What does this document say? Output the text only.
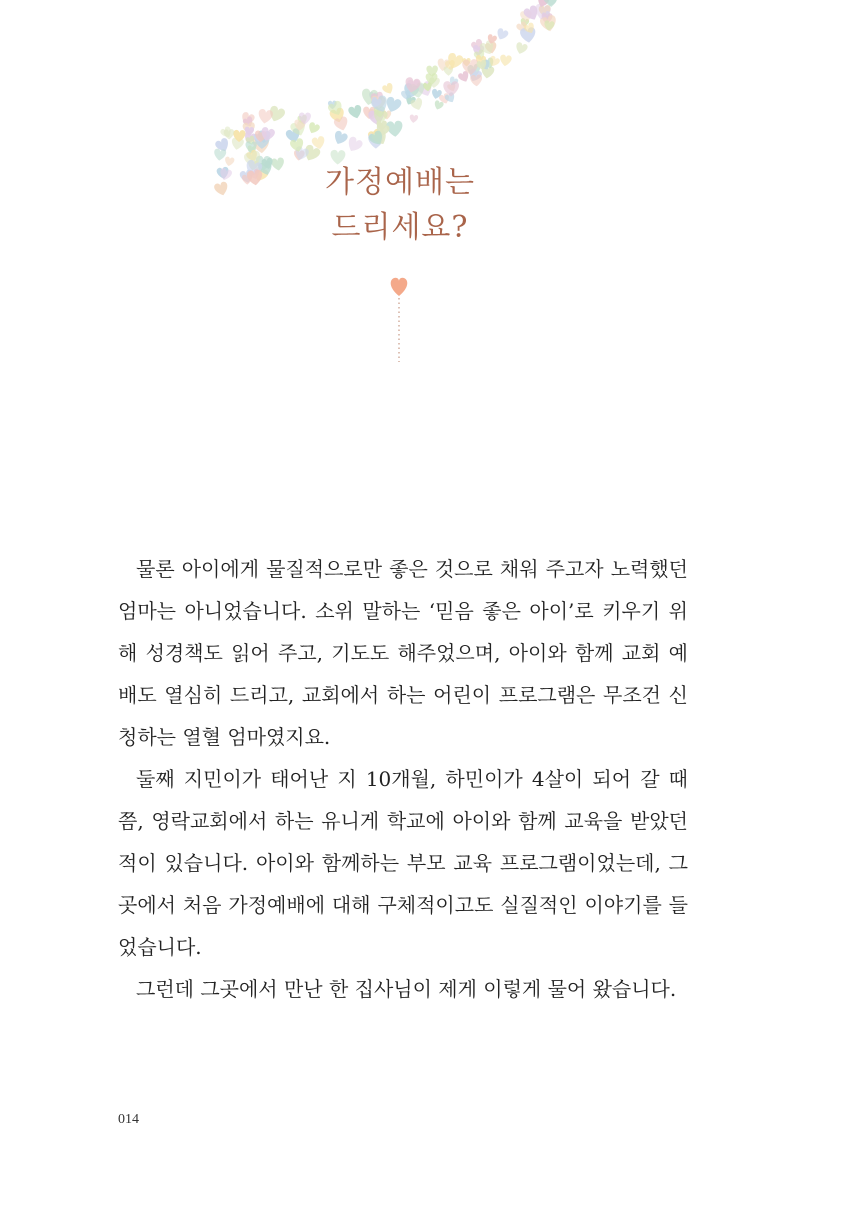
가정예배는
드리세요?

물론 아이에게 물질적으로만 좋은 것으로 채워 주고자 노력했던 엄마는 아니었습니다. 소위 말하는 ‘믿음 좋은 아이’로 키우기 위해 성경책도 읽어 주고, 기도도 해주었으며, 아이와 함께 교회 예배도 열심히 드리고, 교회에서 하는 어린이 프로그램은 무조건 신청하는 열혈 엄마였지요.

둘째 지민이가 태어난 지 10개월, 하민이가 4살이 되어 갈 때 쯤, 영락교회에서 하는 유니게 학교에 아이와 함께 교육을 받았던 적이 있습니다. 아이와 함께하는 부모 교육 프로그램이었는데, 그곳에서 처음 가정예배에 대해 구체적이고도 실질적인 이야기를 들었습니다.

그런데 그곳에서 만난 한 집사님이 제게 이렇게 물어 왔습니다.

014
